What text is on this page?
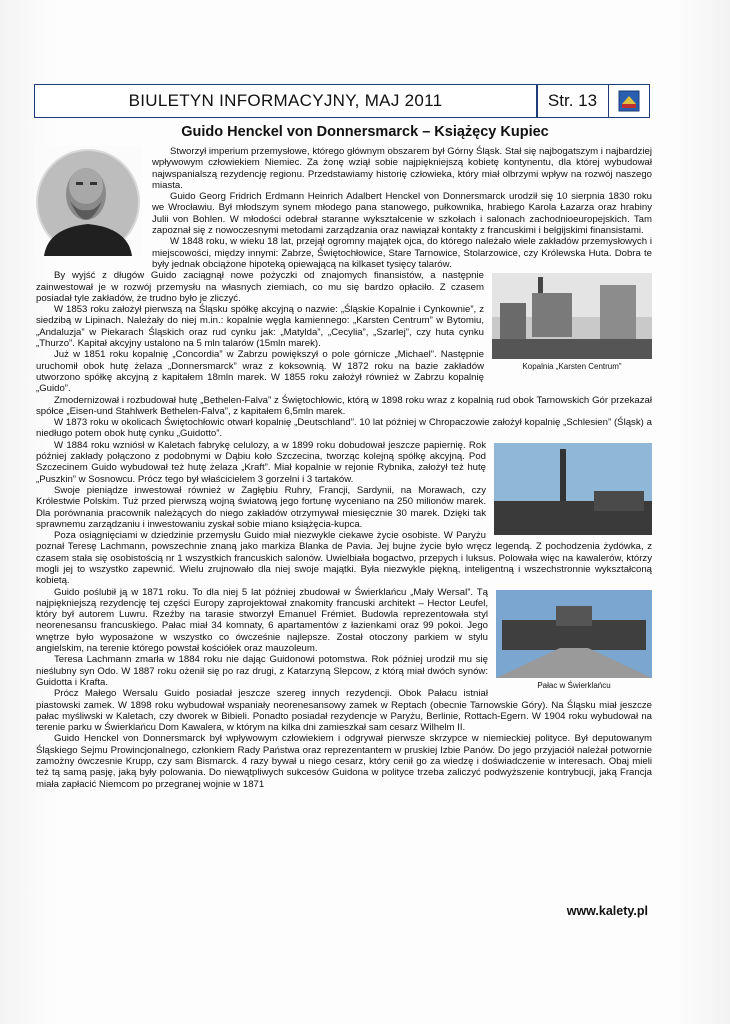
BIULETYN INFORMACYJNY, MAJ 2011	Str. 13
Guido Henckel von Donnersmarck – Książęcy Kupiec

Stworzył imperium przemysłowe, którego głównym obszarem był Górny Śląsk. Stał się najbogatszym i najbardziej wpływowym człowiekiem Niemiec. Za żonę wziął sobie najpiękniejszą kobietę kontynentu, dla której wybudował najwspanialszą rezydencję regionu. Przedstawiamy historię człowieka, który miał olbrzymi wpływ na rozwój naszego miasta.

Guido Georg Fridrich Erdmann Heinrich Adalbert Henckel von Donnersmarck urodził się 10 sierpnia 1830 roku we Wrocławiu. Był młodszym synem młodego pana stanowego, pułkownika, hrabiego Karola Łazarza oraz hrabiny Julii von Bohlen. W młodości odebrał staranne wykształcenie w szkołach i salonach zachodnioeuropejskich. Tam zapoznał się z nowoczesnymi metodami zarządzania oraz nawiązał kontakty z francuskimi i belgijskimi finansistami.

W 1848 roku, w wieku 18 lat, przejął ogromny majątek ojca, do którego należało wiele zakładów przemysłowych i miejscowości, między innymi: Zabrze, Świętochłowice, Stare Tarnowice, Stolarzowice, czy Królewska Huta. Dobra te były jednak obciążone hipoteką opiewającą na kilkaset tysięcy talarów.

Kopalnia „Karsten Centrum”

By wyjść z długów Guido zaciągnął nowe pożyczki od znajomych finansistów, a następnie zainwestował je w rozwój przemysłu na własnych ziemiach, co mu się bardzo opłaciło. Z czasem posiadał tyle zakładów, że trudno było je zliczyć.

W 1853 roku założył pierwszą na Śląsku spółkę akcyjną o nazwie: „Śląskie Kopalnie i Cynkownie”, z siedzibą w Lipinach. Należały do niej m.in.: kopalnie węgla kamiennego: „Karsten Centrum” w Bytomiu, „Andaluzja” w Piekarach Śląskich oraz rud cynku jak: „Matylda”, „Cecylia”, „Szarlej”, czy huta cynku „Thurzo”. Kapitał akcyjny ustalono na 5 mln talarów (15mln marek).

Już w 1851 roku kopalnię „Concordia” w Zabrzu powiększył o pole górnicze „Michael”. Następnie uruchomił obok hutę żelaza „Donnersmarck” wraz z koksownią. W 1872 roku na bazie zakładów utworzono spółkę akcyjną z kapitałem 18mln marek. W 1855 roku założył również w Zabrzu kopalnię „Guido”.

Zmodernizował i rozbudował hutę „Bethelen-Falva” z Świętochłowic, którą w 1898 roku wraz z kopalnią rud obok Tarnowskich Gór przekazał spółce „Eisen-und Stahlwerk Bethelen-Falva”, z kapitałem 6,5mln marek.

W 1873 roku w okolicach Świętochłowic otwarł kopalnię „Deutschland”. 10 lat później w Chropaczowie założył kopalnię „Schlesien” (Śląsk) a niedługo potem obok hutę cynku „Guidotto”.

W 1884 roku wzniósł w Kaletach fabrykę celulozy, a w 1899 roku dobudował jeszcze papiernię. Rok później zakłady połączono z podobnymi w Dąbiu koło Szczecina, tworząc kolejną spółkę akcyjną. Pod Szczecinem Guido wybudował też hutę żelaza „Kraft”. Miał kopalnie w rejonie Rybnika, założył też hutę „Puszkin” w Sosnowcu. Prócz tego był właścicielem 3 gorzelni i 3 tartaków.

Swoje pieniądze inwestował również w Zagłębiu Ruhry, Francji, Sardynii, na Morawach, czy Królestwie Polskim. Tuż przed pierwszą wojną światową jego fortunę wyceniano na 250 milionów marek. Dla porównania pracownik należących do niego zakładów otrzymywał miesięcznie 30 marek. Dzięki tak sprawnemu zarządzaniu i inwestowaniu zyskał sobie miano książęcia-kupca.

Poza osiągnięciami w dziedzinie przemysłu Guido miał niezwykle ciekawe życie osobiste. W Paryżu poznał Teresę Lachmann, powszechnie znaną jako markiza Blanka de Pavia. Jej bujne życie było wręcz legendą. Z pochodzenia żydówka, z czasem stała się osobistością nr 1 wszystkich francuskich salonów. Uwielbiała bogactwo, przepych i luksus. Polowała więc na kawalerów, którzy mogli jej to wszystko zapewnić. Wielu zrujnowało dla niej swoje majątki. Była niezwykle piękną, inteligentną i wszechstronnie wykształconą kobietą.

Pałac w Świerklańcu

Guido poślubił ją w 1871 roku. To dla niej 5 lat później zbudował w Świerklańcu „Mały Wersal”. Tą najpiękniejszą rezydencję tej części Europy zaprojektował znakomity francuski architekt – Hector Leufel, który był autorem Luwru. Rzeźby na tarasie stworzył Emanuel Frémiet. Budowla reprezentowała styl neorenesansu francuskiego. Pałac miał 34 komnaty, 6 apartamentów z łazienkami oraz 99 pokoi. Jego wnętrze było wyposażone w wszystko co ówcześnie najlepsze. Został otoczony parkiem w stylu angielskim, na terenie którego powstał kościółek oraz mauzoleum.

Teresa Lachmann zmarła w 1884 roku nie dając Guidonowi potomstwa. Rok później urodził mu się nieślubny syn Odo. W 1887 roku ożenił się po raz drugi, z Katarzyną Slepcow, z którą miał dwóch synów: Guidotta i Krafta.

Prócz Małego Wersalu Guido posiadał jeszcze szereg innych rezydencji. Obok Pałacu istniał piastowski zamek. W 1898 roku wybudował wspaniały neorenesansowy zamek w Reptach (obecnie Tarnowskie Góry). Na Śląsku miał jeszcze pałac myśliwski w Kaletach, czy dworek w Bibieli. Ponadto posiadał rezydencje w Paryżu, Berlinie, Rottach-Egern. W 1904 roku wybudował na terenie parku w Świerklańcu Dom Kawalera, w którym na kilka dni zamieszkał sam cesarz Wilhelm II.

Guido Henckel von Donnersmarck był wpływowym człowiekiem i odgrywał pierwsze skrzypce w niemieckiej polityce. Był deputowanym Śląskiego Sejmu Prowincjonalnego, członkiem Rady Państwa oraz reprezentantem w pruskiej Izbie Panów. Do jego przyjaciół należał potwornie zamożny ówczesnie Krupp, czy sam Bismarck. 4 razy bywał u niego cesarz, który cenił go za wiedzę i doświadczenie w interesach. Obaj mieli też tą samą pasję, jaką były polowania. Do niewątpliwych sukcesów Guidona w polityce trzeba zaliczyć podwyższenie kontrybucji, jaką Francja miała zapłacić Niemcom po przegranej wojnie w 1871

www.kalety.pl
